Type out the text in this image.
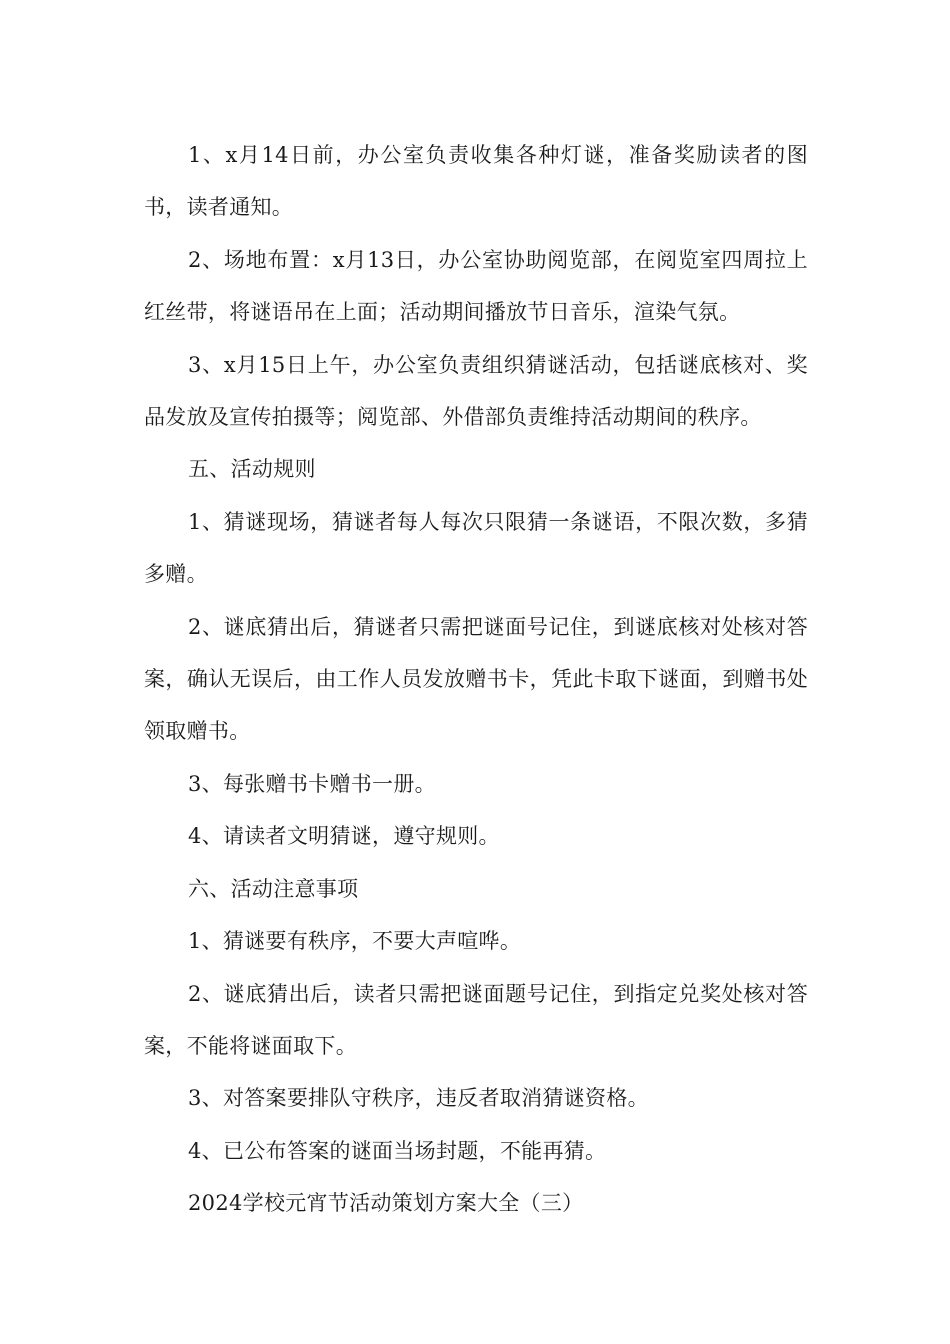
1、x月14日前，办公室负责收集各种灯谜，准备奖励读者的图书，读者通知。

2、场地布置：x月13日，办公室协助阅览部，在阅览室四周拉上红丝带，将谜语吊在上面；活动期间播放节日音乐，渲染气氛。

3、x月15日上午，办公室负责组织猜谜活动，包括谜底核对、奖品发放及宣传拍摄等；阅览部、外借部负责维持活动期间的秩序。

五、活动规则

1、猜谜现场，猜谜者每人每次只限猜一条谜语，不限次数，多猜多赠。

2、谜底猜出后，猜谜者只需把谜面号记住，到谜底核对处核对答案，确认无误后，由工作人员发放赠书卡，凭此卡取下谜面，到赠书处领取赠书。

3、每张赠书卡赠书一册。

4、请读者文明猜谜，遵守规则。

六、活动注意事项

1、猜谜要有秩序，不要大声喧哗。

2、谜底猜出后，读者只需把谜面题号记住，到指定兑奖处核对答案，不能将谜面取下。

3、对答案要排队守秩序，违反者取消猜谜资格。

4、已公布答案的谜面当场封题，不能再猜。

2024学校元宵节活动策划方案大全（三）
